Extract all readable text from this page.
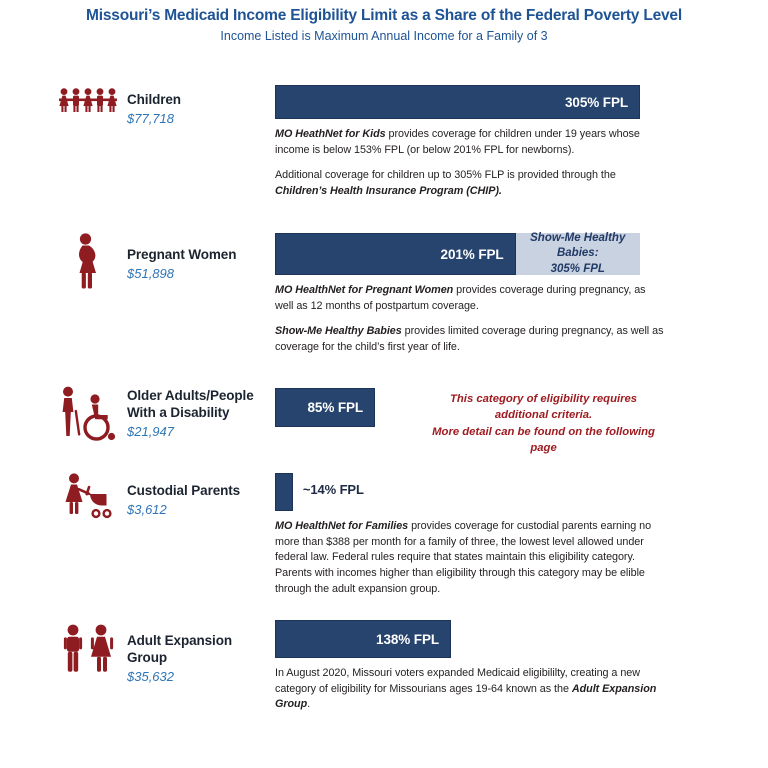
Missouri’s Medicaid Income Eligibility Limit as a Share of the Federal Poverty Level
Income Listed is Maximum Annual Income for a Family of 3
Children
$77,718
305% FPL

MO HeathNet for Kids provides coverage for children under 19 years whose income is below 153% FPL (or below 201% FPL for newborns).

Additional coverage for children up to 305% FLP is provided through the Children’s Health Insurance Program (CHIP).

Pregnant Women
$51,898
201% FPL
Show-Me Healthy Babies:
305% FPL

MO HealthNet for Pregnant Women provides coverage during pregnancy, as well as 12 months of postpartum coverage.

Show-Me Healthy Babies provides limited coverage during pregnancy, as well as coverage for the child’s first year of life.

Older Adults/People With a Disability
$21,947
85% FPL
This category of eligibility requires additional criteria.
More detail can be found on the following page
Custodial Parents
$3,612
~14% FPL

MO HealthNet for Families provides coverage for custodial parents earning no more than $388 per month for a family of three, the lowest level allowed under federal law. Federal rules require that states maintain this eligibility category. Parents with incomes higher than eligibility through this category may be elible through the adult expansion group.

Adult Expansion Group
$35,632
138% FPL

In August 2020, Missouri voters expanded Medicaid eligibililty, creating a new category of eligibility for Missourians ages 19-64 known as the Adult Expansion Group.
